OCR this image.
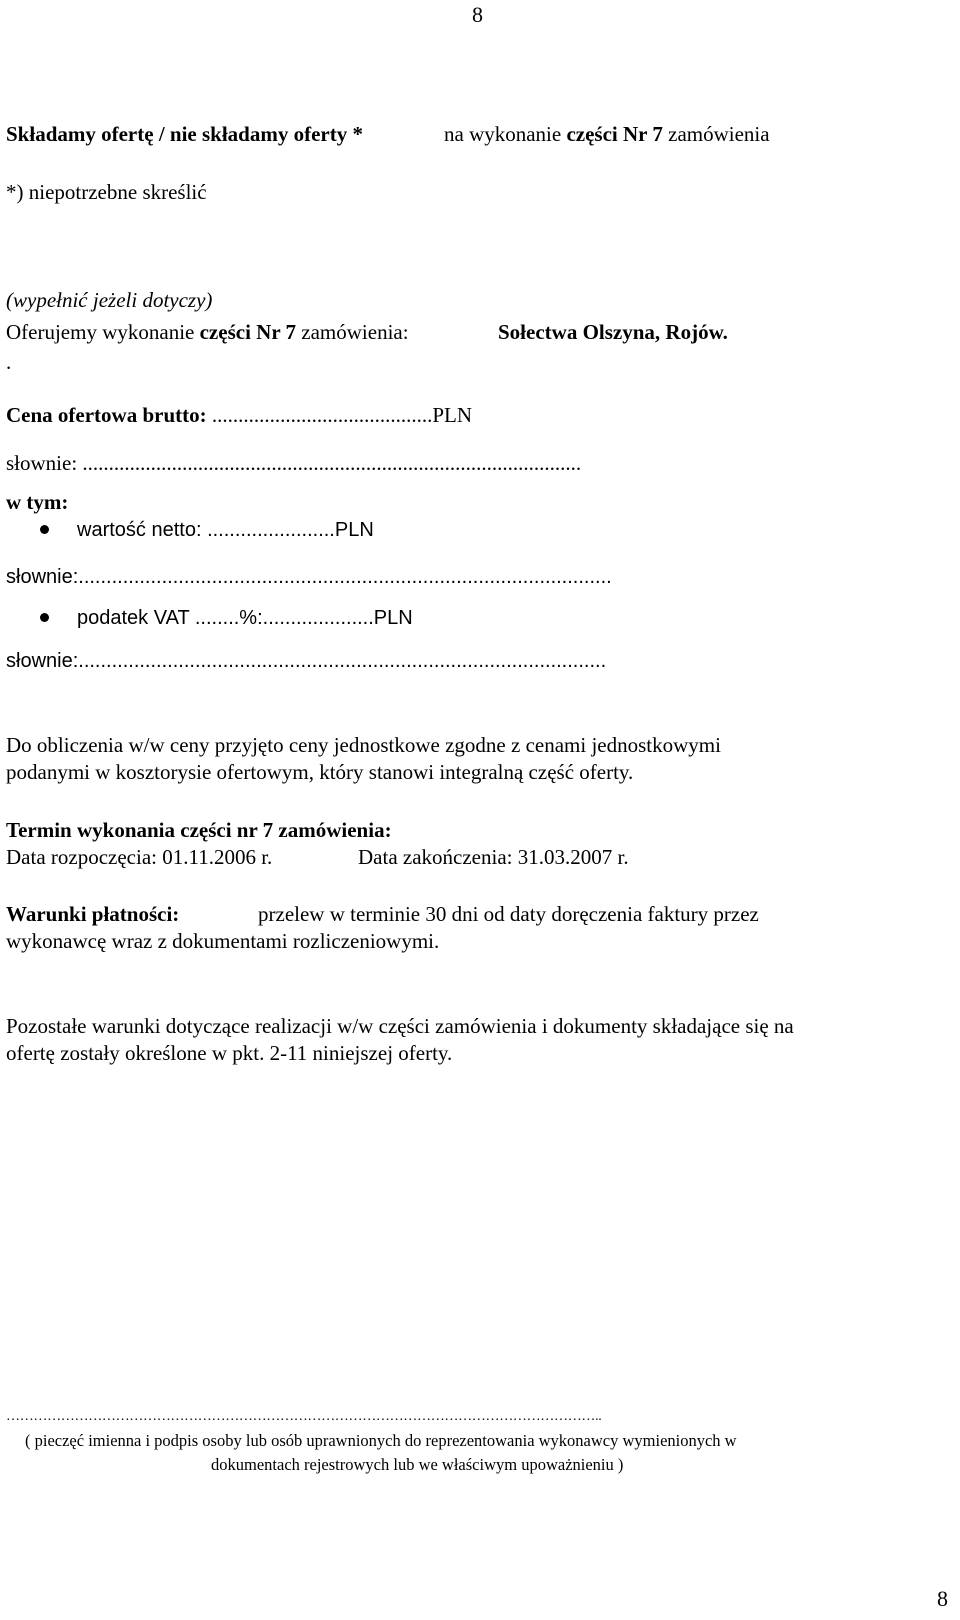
8
Składamy ofertę / nie składamy oferty *	na wykonanie części Nr 7 zamówienia
*) niepotrzebne skreślić
(wypełnić jeżeli dotyczy)
Oferujemy wykonanie części Nr 7 zamówienia:	Sołectwa Olszyna, Rojów.
.
Cena ofertowa brutto: ..........................................PLN
słownie: ...............................................................................................
w tym:
wartość netto: .......................PLN
słownie:................................................................................................
podatek VAT ........%:....................PLN
słownie:...............................................................................................
Do obliczenia w/w ceny przyjęto ceny jednostkowe zgodne z cenami jednostkowymi
podanymi w kosztorysie ofertowym, który stanowi integralną część oferty.
Termin wykonania części nr 7 zamówienia:
Data rozpoczęcia: 01.11.2006 r.	Data zakończenia: 31.03.2007 r.
Warunki płatności:	przelew w terminie 30 dni od daty doręczenia faktury przez
wykonawcę wraz z dokumentami rozliczeniowymi.
Pozostałe warunki dotyczące realizacji w/w części zamówienia i dokumenty składające się na
ofertę zostały określone w pkt. 2-11 niniejszej oferty.
…………………………………………………………………………………………………………………..
( pieczęć imienna i podpis osoby lub osób uprawnionych do reprezentowania wykonawcy wymienionych w
dokumentach rejestrowych lub we właściwym upoważnieniu )
8
